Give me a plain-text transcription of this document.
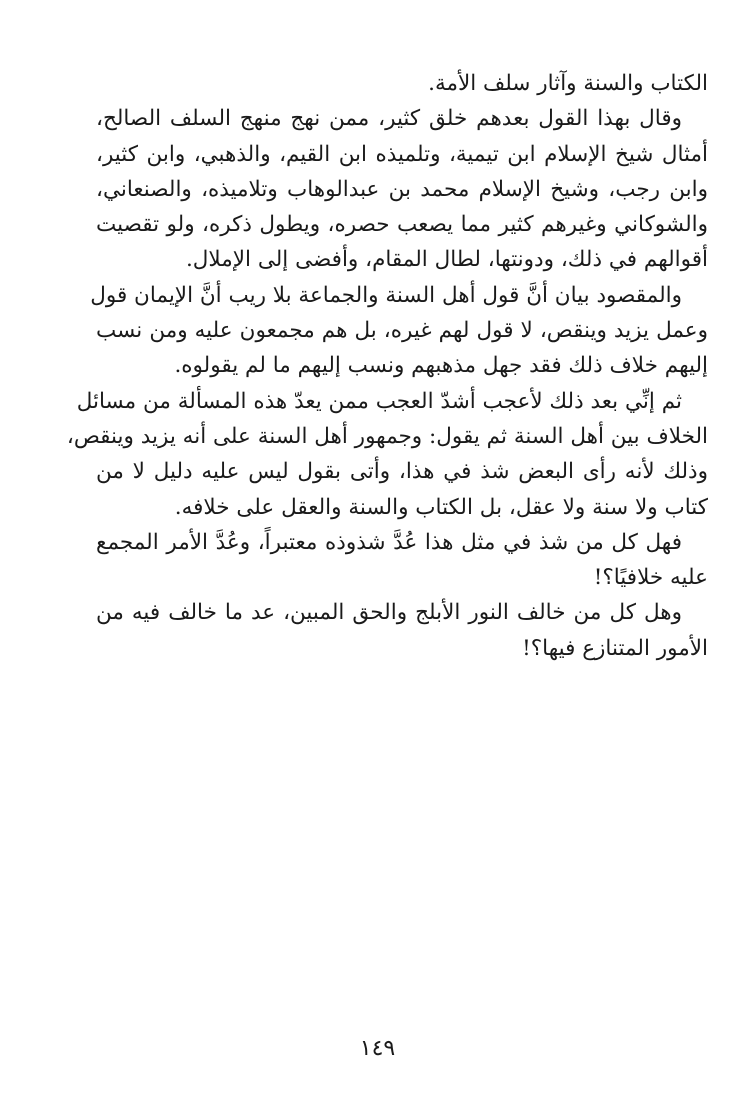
الكتاب والسنة وآثار سلف الأمة.

وقال بهذا القول بعدهم خلق كثير، ممن نهج منهج السلف الصالح،
أمثال شيخ الإسلام ابن تيمية، وتلميذه ابن القيم، والذهبي، وابن كثير،
وابن رجب، وشيخ الإسلام محمد بن عبدالوهاب وتلاميذه، والصنعاني،
والشوكاني وغيرهم كثير مما يصعب حصره، ويطول ذكره، ولو تقصيت
أقوالهم في ذلك، ودونتها، لطال المقام، وأفضى إلى الإملال.

والمقصود بيان أنَّ قول أهل السنة والجماعة بلا ريب أنَّ الإيمان قول
وعمل يزيد وينقص، لا قول لهم غيره، بل هم مجمعون عليه ومن نسب
إليهم خلاف ذلك فقد جهل مذهبهم ونسب إليهم ما لم يقولوه.

ثم إنِّي بعد ذلك لأعجب أشدّ العجب ممن يعدّ هذه المسألة من مسائل
الخلاف بين أهل السنة ثم يقول: وجمهور أهل السنة على أنه يزيد وينقص،
وذلك لأنه رأى البعض شذ في هذا، وأتى بقول ليس عليه دليل لا من
كتاب ولا سنة ولا عقل، بل الكتاب والسنة والعقل على خلافه.

فهل كل من شذ في مثل هذا عُدَّ شذوذه معتبراً، وعُدَّ الأمر المجمع
عليه خلافيًا؟!

وهل كل من خالف النور الأبلج والحق المبين، عد ما خالف فيه من
الأمور المتنازع فيها؟!

١٤٩
